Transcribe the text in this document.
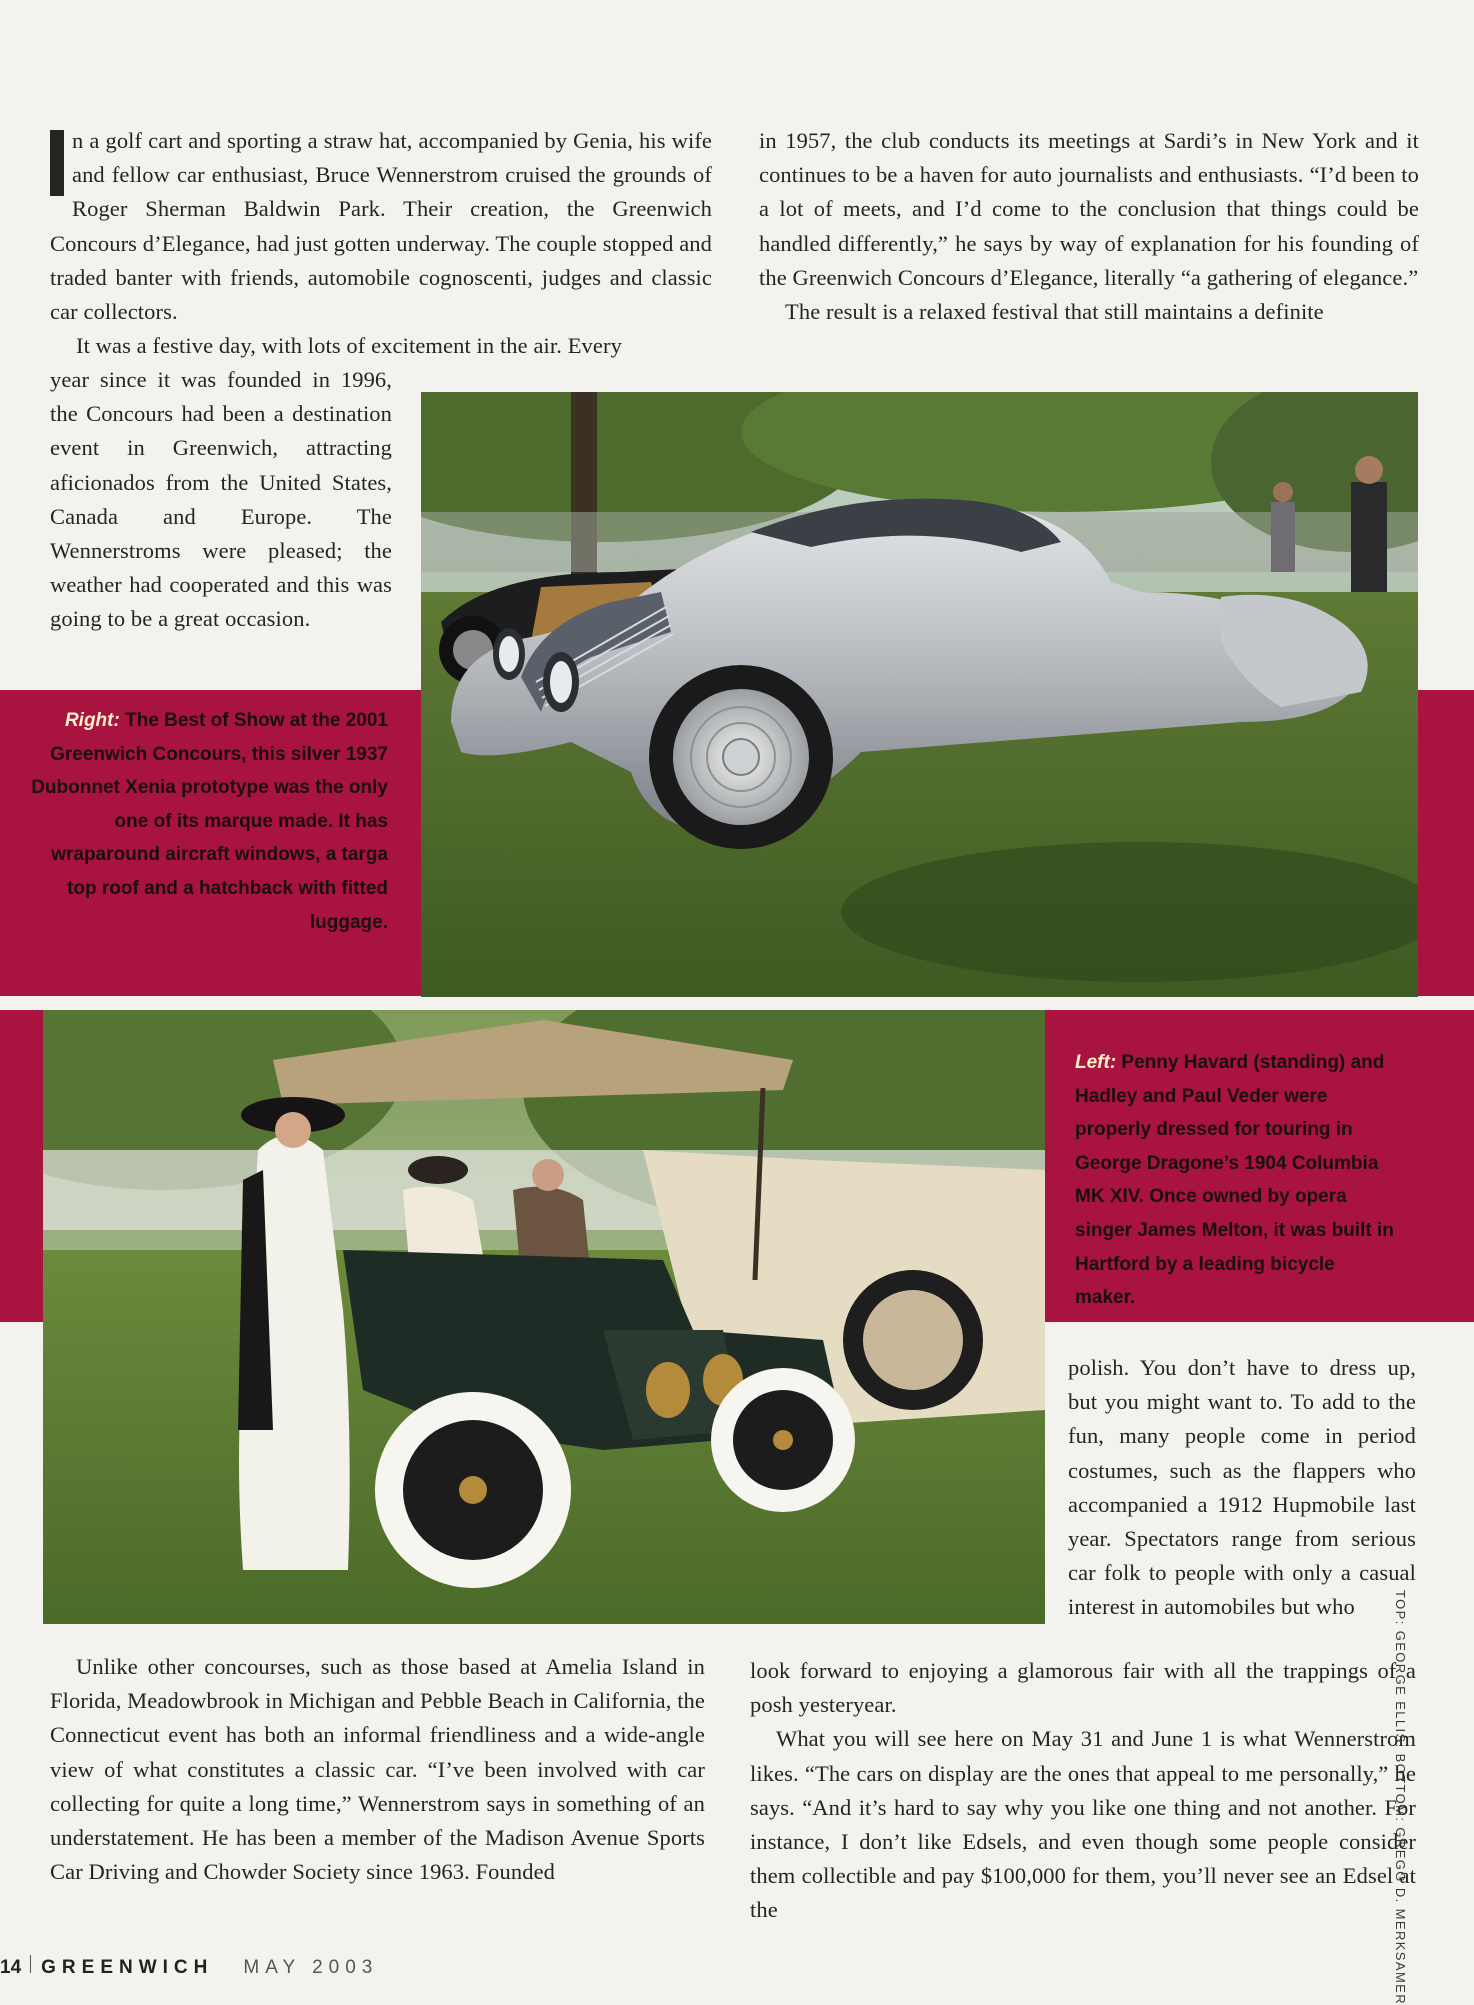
n a golf cart and sporting a straw hat, accompanied by Genia, his wife and fellow car enthusiast, Bruce Wennerstrom cruised the grounds of Roger Sherman Baldwin Park. Their creation, the Greenwich Concours d’Elegance, had just gotten underway. The couple stopped and traded banter with friends, automobile cognoscenti, judges and classic car collectors.

It was a festive day, with lots of excitement in the air. Every

year since it was founded in 1996, the Concours had been a destination event in Greenwich, attracting aficionados from the United States, Canada and Europe. The Wennerstroms were pleased; the weather had cooperated and this was going to be a great occasion.

in 1957, the club conducts its meetings at Sardi’s in New York and it continues to be a haven for auto journalists and enthusiasts. “I’d been to a lot of meets, and I’d come to the conclusion that things could be handled differently,” he says by way of explanation for his founding of the Greenwich Concours d’Elegance, literally “a gathering of elegance.”

The result is a relaxed festival that still maintains a definite

Right: The Best of Show at the 2001 Greenwich Concours, this silver 1937 Dubonnet Xenia prototype was the only one of its marque made. It has wraparound aircraft windows, a targa top roof and a hatchback with fitted luggage.
Left: Penny Havard (standing) and Hadley and Paul Veder were properly dressed for touring in George Dragone’s 1904 Columbia MK XIV. Once owned by opera singer James Melton, it was built in Hartford by a leading bicycle maker.

polish. You don’t have to dress up, but you might want to. To add to the fun, many people come in period costumes, such as the flappers who accompanied a 1912 Hupmobile last year. Spectators range from serious car folk to people with only a casual interest in automobiles but who

Unlike other concourses, such as those based at Amelia Island in Florida, Meadowbrook in Michigan and Pebble Beach in California, the Connecticut event has both an informal friendliness and a wide-angle view of what constitutes a classic car. “I’ve been involved with car collecting for quite a long time,” Wennerstrom says in something of an understatement. He has been a member of the Madison Avenue Sports Car Driving and Chowder Society since 1963. Founded

look forward to enjoying a glamorous fair with all the trappings of a posh yesteryear.

What you will see here on May 31 and June 1 is what Wennerstrom likes. “The cars on display are the ones that appeal to me personally,” he says. “And it’s hard to say why you like one thing and not another. For instance, I don’t like Edsels, and even though some people consider them collectible and pay $100,000 for them, you’ll never see an Edsel at the	TOP: GEORGE ELLIS. BOTTOM: GREGG D. MERKSAMER
14 GREENWICH MAY 2003
